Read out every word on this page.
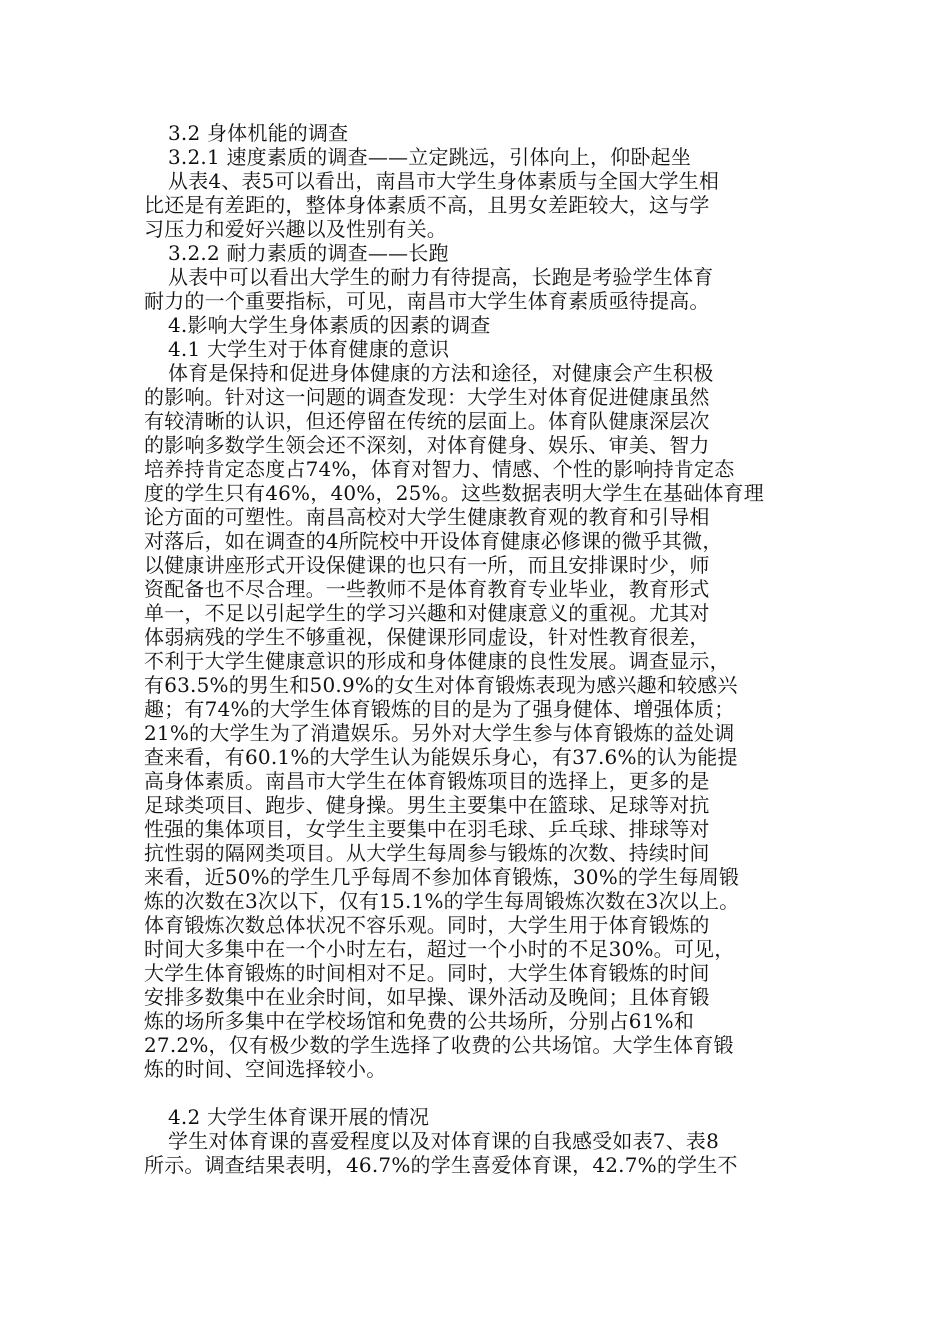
3.2 身体机能的调查

3.2.1 速度素质的调查——立定跳远，引体向上，仰卧起坐

从表4、表5可以看出，南昌市大学生身体素质与全国大学生相

比还是有差距的，整体身体素质不高，且男女差距较大，这与学

习压力和爱好兴趣以及性别有关。

3.2.2 耐力素质的调查——长跑

从表中可以看出大学生的耐力有待提高，长跑是考验学生体育

耐力的一个重要指标，可见，南昌市大学生体育素质亟待提高。

4.影响大学生身体素质的因素的调查

4.1 大学生对于体育健康的意识

体育是保持和促进身体健康的方法和途径，对健康会产生积极

的影响。针对这一问题的调查发现：大学生对体育促进健康虽然

有较清晰的认识，但还停留在传统的层面上。体育队健康深层次

的影响多数学生领会还不深刻，对体育健身、娱乐、审美、智力

培养持肯定态度占74%，体育对智力、情感、个性的影响持肯定态

度的学生只有46%，40%，25%。这些数据表明大学生在基础体育理

论方面的可塑性。南昌高校对大学生健康教育观的教育和引导相

对落后，如在调查的4所院校中开设体育健康必修课的微乎其微，

以健康讲座形式开设保健课的也只有一所，而且安排课时少，师

资配备也不尽合理。一些教师不是体育教育专业毕业，教育形式

单一，不足以引起学生的学习兴趣和对健康意义的重视。尤其对

体弱病残的学生不够重视，保健课形同虚设，针对性教育很差，

不利于大学生健康意识的形成和身体健康的良性发展。调查显示，

有63.5%的男生和50.9%的女生对体育锻炼表现为感兴趣和较感兴

趣；有74%的大学生体育锻炼的目的是为了强身健体、增强体质；

21%的大学生为了消遣娱乐。另外对大学生参与体育锻炼的益处调

查来看，有60.1%的大学生认为能娱乐身心，有37.6%的认为能提

高身体素质。南昌市大学生在体育锻炼项目的选择上，更多的是

足球类项目、跑步、健身操。男生主要集中在篮球、足球等对抗

性强的集体项目，女学生主要集中在羽毛球、乒乓球、排球等对

抗性弱的隔网类项目。从大学生每周参与锻炼的次数、持续时间

来看，近50%的学生几乎每周不参加体育锻炼，30%的学生每周锻

炼的次数在3次以下，仅有15.1%的学生每周锻炼次数在3次以上。

体育锻炼次数总体状况不容乐观。同时，大学生用于体育锻炼的

时间大多集中在一个小时左右，超过一个小时的不足30%。可见，

大学生体育锻炼的时间相对不足。同时，大学生体育锻炼的时间

安排多数集中在业余时间，如早操、课外活动及晚间；且体育锻

炼的场所多集中在学校场馆和免费的公共场所，分别占61%和

27.2%，仅有极少数的学生选择了收费的公共场馆。大学生体育锻

炼的时间、空间选择较小。

4.2 大学生体育课开展的情况

学生对体育课的喜爱程度以及对体育课的自我感受如表7、表8

所示。调查结果表明，46.7%的学生喜爱体育课，42.7%的学生不
